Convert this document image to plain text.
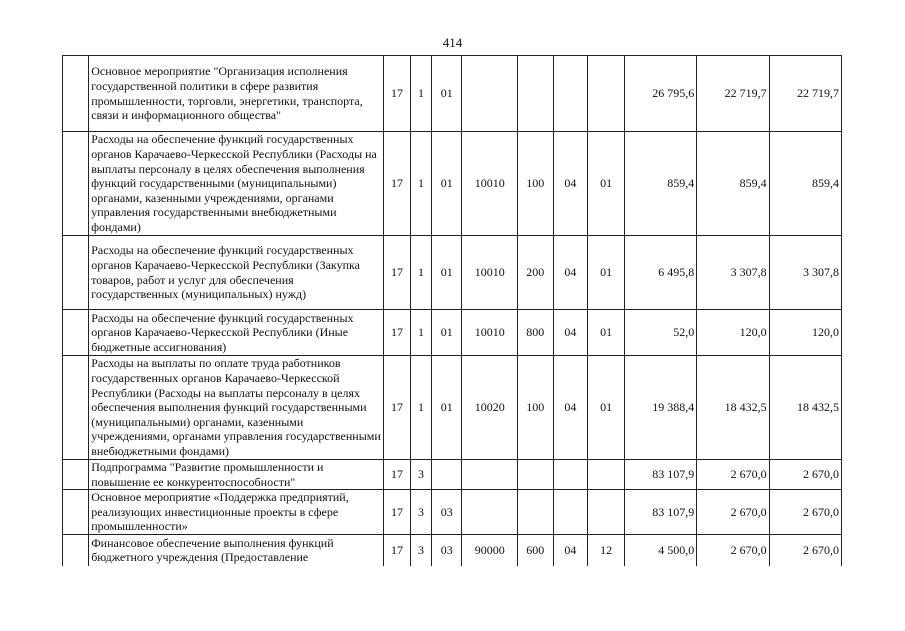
414
	Основное мероприятие "Организация исполнения государственной политики в сфере развития промышленности, торговли, энергетики, транспорта, связи и информационного общества"	17	1	01					26 795,6	22 719,7	22 719,7
	Расходы на обеспечение функций государственных органов Карачаево-Черкесской Республики (Расходы на выплаты персоналу в целях обеспечения выполнения функций государственными (муниципальными) органами, казенными учреждениями, органами управления государственными внебюджетными фондами)	17	1	01	10010	100	04	01	859,4	859,4	859,4
	Расходы на обеспечение функций государственных органов Карачаево-Черкесской Республики (Закупка товаров, работ и услуг для обеспечения государственных (муниципальных) нужд)	17	1	01	10010	200	04	01	6 495,8	3 307,8	3 307,8
	Расходы на обеспечение функций государственных органов Карачаево-Черкесской Республики (Иные бюджетные ассигнования)	17	1	01	10010	800	04	01	52,0	120,0	120,0
	Расходы на выплаты по оплате труда работников государственных органов Карачаево-Черкесской Республики (Расходы на выплаты персоналу в целях обеспечения выполнения функций государственными (муниципальными) органами, казенными учреждениями, органами управления государственными внебюджетными фондами)	17	1	01	10020	100	04	01	19 388,4	18 432,5	18 432,5
	Подпрограмма "Развитие промышленности и повышение ее конкурентоспособности"	17	3						83 107,9	2 670,0	2 670,0
	Основное мероприятие «Поддержка предприятий, реализующих инвестиционные проекты в сфере промышленности»	17	3	03					83 107,9	2 670,0	2 670,0
	Финансовое обеспечение выполнения функций бюджетного учреждения (Предоставление	17	3	03	90000	600	04	12	4 500,0	2 670,0	2 670,0
